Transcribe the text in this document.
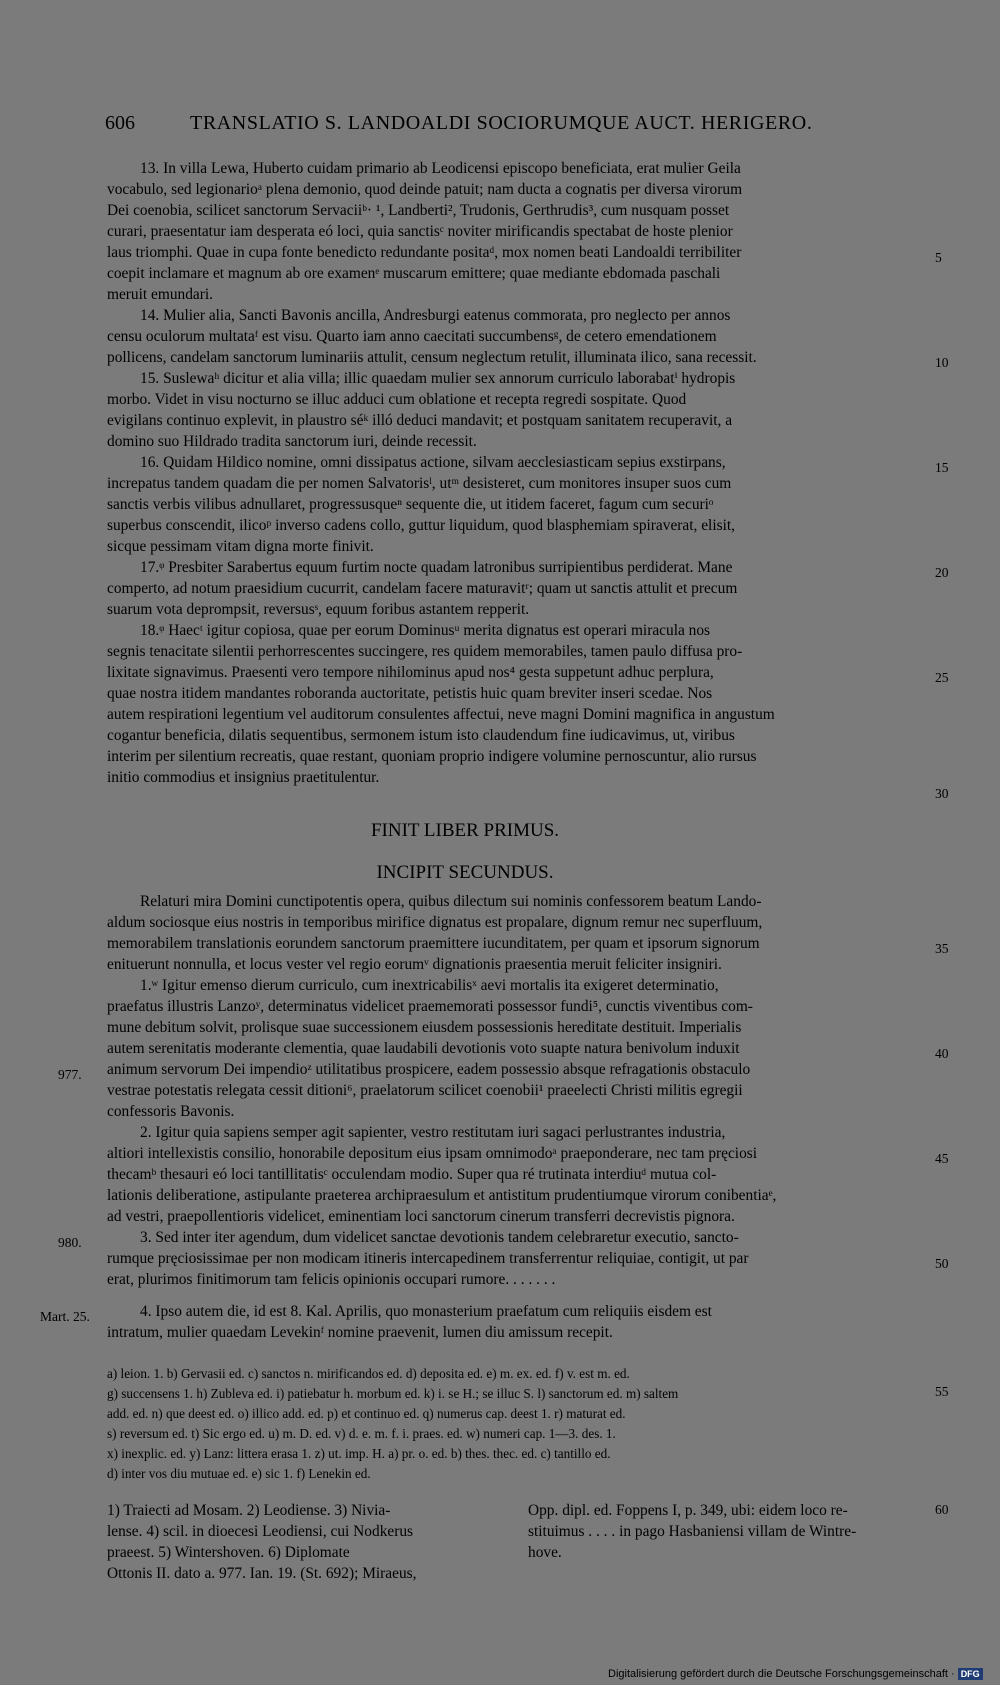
606	TRANSLATIO S. LANDOALDI SOCIORUMQUE AUCT. HERIGERO.
13. In villa Lewa, Huberto cuidam primario ab Leodicensi episcopo beneficiata, erat mulier Geila
vocabulo, sed legionarioᵃ plena demonio, quod deinde patuit; nam ducta a cognatis per diversa virorum
Dei coenobia, scilicet sanctorum Servaciiᵇ· ¹, Landberti², Trudonis, Gerthrudis³, cum nusquam posset
curari, praesentatur iam desperata eó loci, quia sanctisᶜ noviter mirificandis spectabat de hoste plenior
laus triomphi. Quae in cupa fonte benedicto redundante positaᵈ, mox nomen beati Landoaldi terribiliter
coepit inclamare et magnum ab ore examenᵉ muscarum emittere; quae mediante ebdomada paschali
meruit emundari.
14. Mulier alia, Sancti Bavonis ancilla, Andresburgi eatenus commorata, pro neglecto per annos
censu oculorum multataᶠ est visu. Quarto iam anno caecitati succumbensᵍ, de cetero emendationem
pollicens, candelam sanctorum luminariis attulit, censum neglectum retulit, illuminata ilico, sana recessit.
15. Suslewaʰ dicitur et alia villa; illic quaedam mulier sex annorum curriculo laborabatⁱ hydropis
morbo. Videt in visu nocturno se illuc adduci cum oblatione et recepta regredi sospitate. Quod
evigilans continuo explevit, in plaustro séᵏ illó deduci mandavit; et postquam sanitatem recuperavit, a
domino suo Hildrado tradita sanctorum iuri, deinde recessit.
16. Quidam Hildico nomine, omni dissipatus actione, silvam aecclesiasticam sepius exstirpans,
increpatus tandem quadam die per nomen Salvatorisˡ, utᵐ desisteret, cum monitores insuper suos cum
sanctis verbis vilibus adnullaret, progressusqueⁿ sequente die, ut itidem faceret, fagum cum securiᵒ
superbus conscendit, ilicoᵖ inverso cadens collo, guttur liquidum, quod blasphemiam spiraverat, elisit,
sicque pessimam vitam digna morte finivit.
17.ᵠ Presbiter Sarabertus equum furtim nocte quadam latronibus surripientibus perdiderat. Mane
comperto, ad notum praesidium cucurrit, candelam facere maturavitʳ; quam ut sanctis attulit et precum
suarum vota deprompsit, reversusˢ, equum foribus astantem repperit.
18.ᵠ Haecᵗ igitur copiosa, quae per eorum Dominusᵘ merita dignatus est operari miracula nos
segnis tenacitate silentii perhorrescentes succingere, res quidem memorabiles, tamen paulo diffusa pro-
lixitate signavimus. Praesenti vero tempore nihilominus apud nos⁴ gesta suppetunt adhuc perplura,
quae nostra itidem mandantes roboranda auctoritate, petistis huic quam breviter inseri scedae. Nos
autem respirationi legentium vel auditorum consulentes affectui, neve magni Domini magnifica in angustum
cogantur beneficia, dilatis sequentibus, sermonem istum isto claudendum fine iudicavimus, ut, viribus
interim per silentium recreatis, quae restant, quoniam proprio indigere volumine pernoscuntur, alio rursus
initio commodius et insignius praetitulentur.
FINIT LIBER PRIMUS.
INCIPIT SECUNDUS.
Relaturi mira Domini cunctipotentis opera, quibus dilectum sui nominis confessorem beatum Lando-
aldum sociosque eius nostris in temporibus mirifice dignatus est propalare, dignum remur nec superfluum,
memorabilem translationis eorundem sanctorum praemittere iucunditatem, per quam et ipsorum signorum
enituerunt nonnulla, et locus vester vel regio eorumᵛ dignationis praesentia meruit feliciter insigniri.
1.ʷ Igitur emenso dierum curriculo, cum inextricabilisˣ aevi mortalis ita exigeret determinatio,
praefatus illustris Lanzoʸ, determinatus videlicet praememorati possessor fundi⁵, cunctis viventibus com-
mune debitum solvit, prolisque suae successionem eiusdem possessionis hereditate destituit. Imperialis
autem serenitatis moderante clementia, quae laudabili devotionis voto suapte natura benivolum induxit
animum servorum Dei impendioᶻ utilitatibus prospicere, eadem possessio absque refragationis obstaculo
vestrae potestatis relegata cessit ditioni⁶, praelatorum scilicet coenobii¹ praeelecti Christi militis egregii
confessoris Bavonis.
2. Igitur quia sapiens semper agit sapienter, vestro restitutam iuri sagaci perlustrantes industria,
altiori intellexistis consilio, honorabile depositum eius ipsam omnimodoᵃ praeponderare, nec tam pręciosi
thecamᵇ thesauri eó loci tantillitatisᶜ occulendam modio. Super qua ré trutinata interdiuᵈ mutua col-
lationis deliberatione, astipulante praeterea archipraesulum et antistitum prudentiumque virorum conibentiaᵉ,
ad vestri, praepollentioris videlicet, eminentiam loci sanctorum cinerum transferri decrevistis pignora.
3. Sed inter iter agendum, dum videlicet sanctae devotionis tandem celebraretur executio, sancto-
rumque pręciosissimae per non modicam itineris intercapedinem transferrentur reliquiae, contigit, ut par
erat, plurimos finitimorum tam felicis opinionis occupari rumore. . . . . . .
4. Ipso autem die, id est 8. Kal. Aprilis, quo monasterium praefatum cum reliquiis eisdem est
intratum, mulier quaedam Levekinᶠ nomine praevenit, lumen diu amissum recepit.
5
10
15
20
25
30
35
40
45
50
55
60
977.
980.
Mart. 25.
a) leion. 1. b) Gervasii ed. c) sanctos n. mirificandos ed. d) deposita ed. e) m. ex. ed. f) v. est m. ed.
g) succensens 1. h) Zubleva ed. i) patiebatur h. morbum ed. k) i. se H.; se illuc S. l) sanctorum ed. m) saltem
add. ed. n) que deest ed. o) illico add. ed. p) et continuo ed. q) numerus cap. deest 1. r) maturat ed.
s) reversum ed. t) Sic ergo ed. u) m. D. ed. v) d. e. m. f. i. praes. ed. w) numeri cap. 1—3. des. 1.
x) inexplic. ed. y) Lanz: littera erasa 1. z) ut. imp. H. a) pr. o. ed. b) thes. thec. ed. c) tantillo ed.
d) inter vos diu mutuae ed. e) sic 1. f) Lenekin ed.
1) Traiecti ad Mosam. 2) Leodiense. 3) Nivia-
lense. 4) scil. in dioecesi Leodiensi, cui Nodkerus
praeest. 5) Wintershoven. 6) Diplomate
Ottonis II. dato a. 977. Ian. 19. (St. 692); Miraeus,
Opp. dipl. ed. Foppens I, p. 349, ubi: eidem loco re-
stituimus . . . . in pago Hasbaniensi villam de Wintre-
hove.
Digitalisierung gefördert durch die Deutsche Forschungsgemeinschaft · DFG
